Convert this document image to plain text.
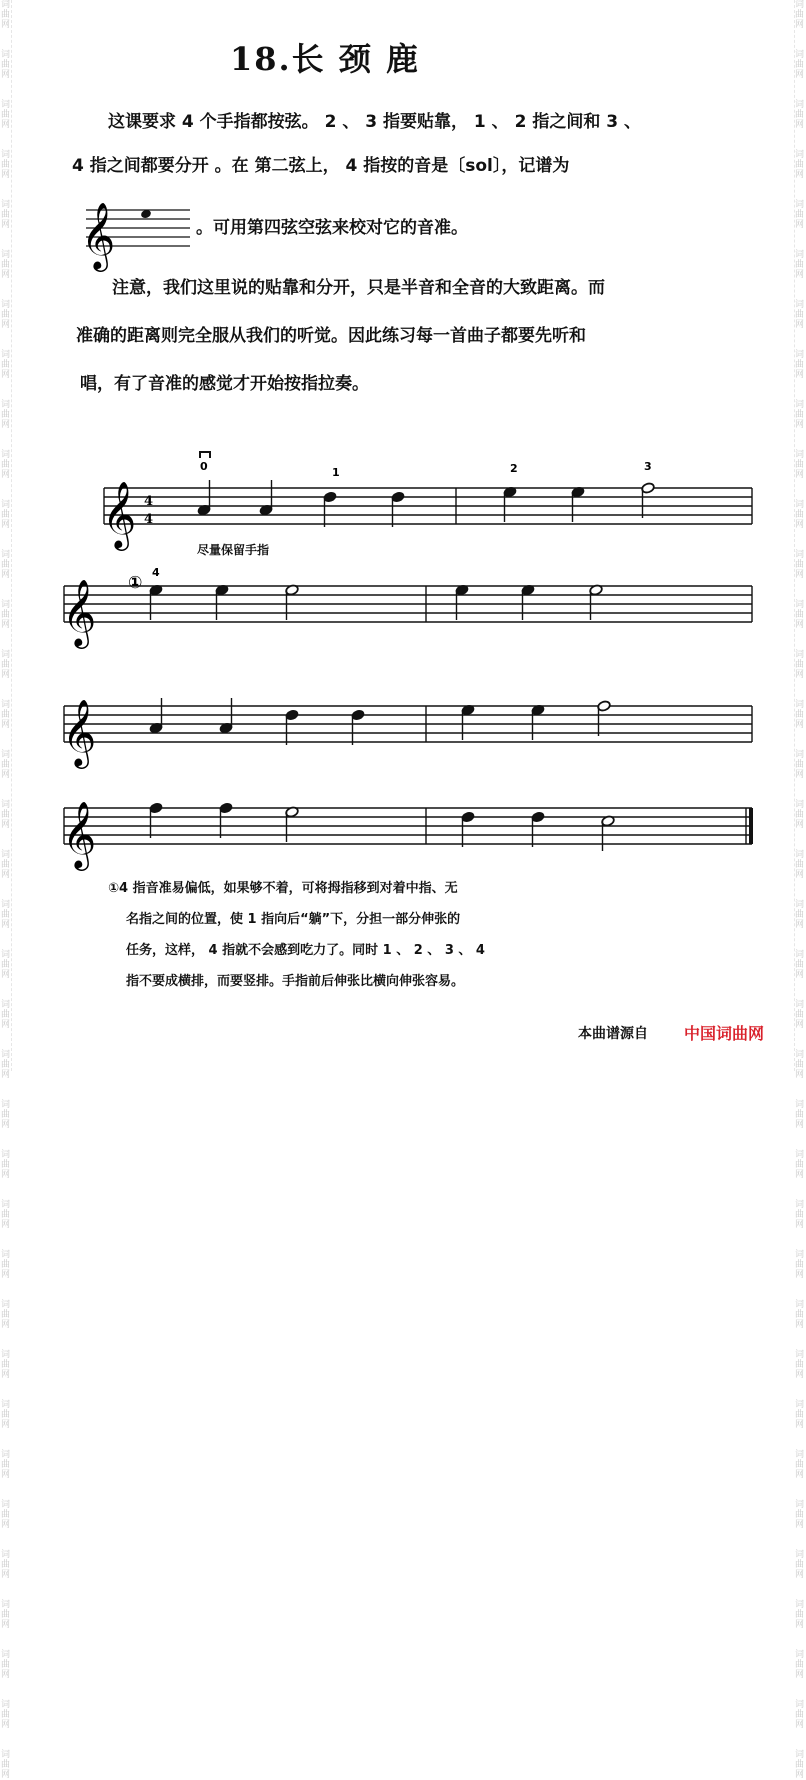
词
曲
网

词
曲
网

词
曲
网

词
曲
网

词
曲
网

词
曲
网

词
曲
网

词
曲
网

词
曲
网

词
曲
网

词
曲
网

词
曲
网

词
曲
网

词
曲
网

词
曲
网

词
曲
网

词
曲
网

词
曲
网

词
曲
网

词
曲
网

词
曲
网

词
曲
网

词
曲
网

词
曲
网

词
曲
网

词
曲
网

词
曲
网

词
曲
网

词
曲
网

词
曲
网

词
曲
网

词
曲
网

词
曲
网

词
曲
网

词
曲
网

词
曲
网

词
曲
网

词
曲
网

词
曲
网

词
曲
网

词
曲
网

词
曲
网

词
曲
网

词
曲
网

词
曲
网

词
曲
网

词
曲
网

词
曲
网

词
曲
网

词
曲
网

词
曲
网

词
曲
网

词
曲
网

词
曲
网

词
曲
网

词
曲
网

词
曲
网

词
曲
网

词
曲
网

词
曲
网

词
曲
网

词
曲
网

词
曲
网

词
曲
网

词
曲
网

词
曲
网

词
曲
网

词
曲
网

词
曲
网

词
曲
网

词
曲
网

词
曲
网

18.长 颈 鹿
这课要求 4 个手指都按弦。 2 、 3 指要贴靠， 1 、 2 指之间和 3 、
4 指之间都要分开 。在 第二弦上， 4 指按的音是〔sol〕，记谱为
𝄞	。可用第四弦空弦来校对它的音准。
注意，我们这里说的贴靠和分开，只是半音和全音的大致距离。而
准确的距离则完全服从我们的听觉。因此练习每一首曲子都要先听和
唱，有了音准的感觉才开始按指拉奏。
𝄞 4
4
0	1	2	3
尽量保留手指
𝄞 ①
4
𝄞
𝄞
①4 指音准易偏低，如果够不着，可将拇指移到对着中指、无
名指之间的位置，使 1 指向后“躺”下，分担一部分伸张的
任务，这样， 4 指就不会感到吃力了。同时 1 、 2 、 3 、 4
指不要成横排，而要竖排。手指前后伸张比横向伸张容易。
本曲谱源自 中国词曲网
